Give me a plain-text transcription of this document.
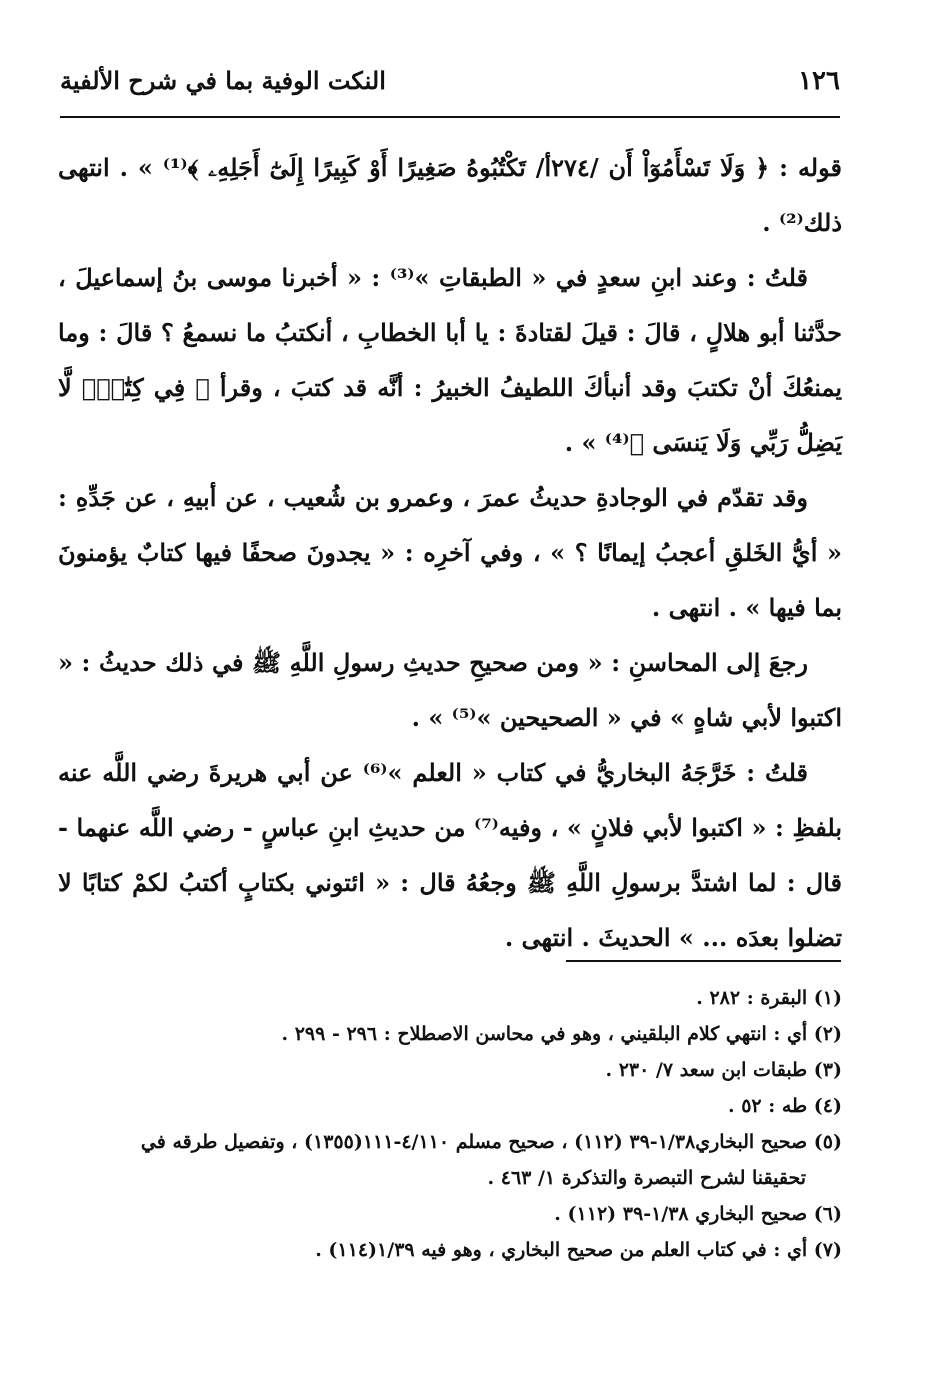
١٢٦
النكت الوفية بما في شرح الألفية

قوله : ﴿ وَلَا تَسْأَمُوٓاْ أَن /٢٧٤أ/ تَكْتُبُوهُ صَغِيرًا أَوْ كَبِيرًا إِلَىٰٓ أَجَلِهِۦ ﴾⁽¹⁾ » . انتهى ذلك⁽²⁾ .

قلتُ : وعند ابنِ سعدٍ في « الطبقاتِ »⁽³⁾ : « أخبرنا موسى بنُ إسماعيلَ ، حدَّثنا أبو هلالٍ ، قالَ : قيلَ لقتادةَ : يا أبا الخطابِ ، أنكتبُ ما نسمعُ ؟ قالَ : وما يمنعُكَ أنْ تكتبَ وقد أنبأكَ اللطيفُ الخبيرُ : أنَّه قد كتبَ ، وقرأ ﴿ فِي كِتَٰبٖۖ لَّا يَضِلُّ رَبِّي وَلَا يَنسَى ﴾⁽⁴⁾ » .

وقد تقدّم في الوجادةِ حديثُ عمرَ ، وعمرو بن شُعيب ، عن أبيهِ ، عن جَدِّهِ : « أيُّ الخَلقِ أعجبُ إيمانًا ؟ » ، وفي آخرِه : « يجدونَ صحفًا فيها كتابٌ يؤمنونَ بما فيها » . انتهى .

رجعَ إلى المحاسنِ : « ومن صحيحِ حديثِ رسولِ اللَّهِ ﷺ في ذلك حديثُ : « اكتبوا لأبي شاهٍ » في « الصحيحين »⁽⁵⁾ » .

قلتُ : خَرَّجَهُ البخاريُّ في كتاب « العلم »⁽⁶⁾ عن أبي هريرةَ رضي اللَّه عنه بلفظِ : « اكتبوا لأبي فلانٍ » ، وفيه⁽⁷⁾ من حديثِ ابنِ عباسٍ - رضي اللَّه عنهما - قال : لما اشتدَّ برسولِ اللَّهِ ﷺ وجعُهُ قال : « ائتوني بكتابٍ أكتبُ لكمْ كتابًا لا تضلوا بعدَه ... » الحديثَ . انتهى .

(١) البقرة : ٢٨٢ .

(٢) أي : انتهي كلام البلقيني ، وهو في محاسن الاصطلاح : ٢٩٦ - ٢٩٩ .

(٣) طبقات ابن سعد ٧/ ٢٣٠ .

(٤) طه : ٥٢ .

(٥) صحيح البخاري١/٣٨-٣٩ (١١٢) ، صحيح مسلم ٤/١١٠-١١١(١٣٥٥) ، وتفصيل طرقه في

تحقيقنا لشرح التبصرة والتذكرة ١/ ٤٦٣ .

(٦) صحيح البخاري ١/٣٨-٣٩ (١١٢) .

(٧) أي : في كتاب العلم من صحيح البخاري ، وهو فيه ١/٣٩(١١٤) .
